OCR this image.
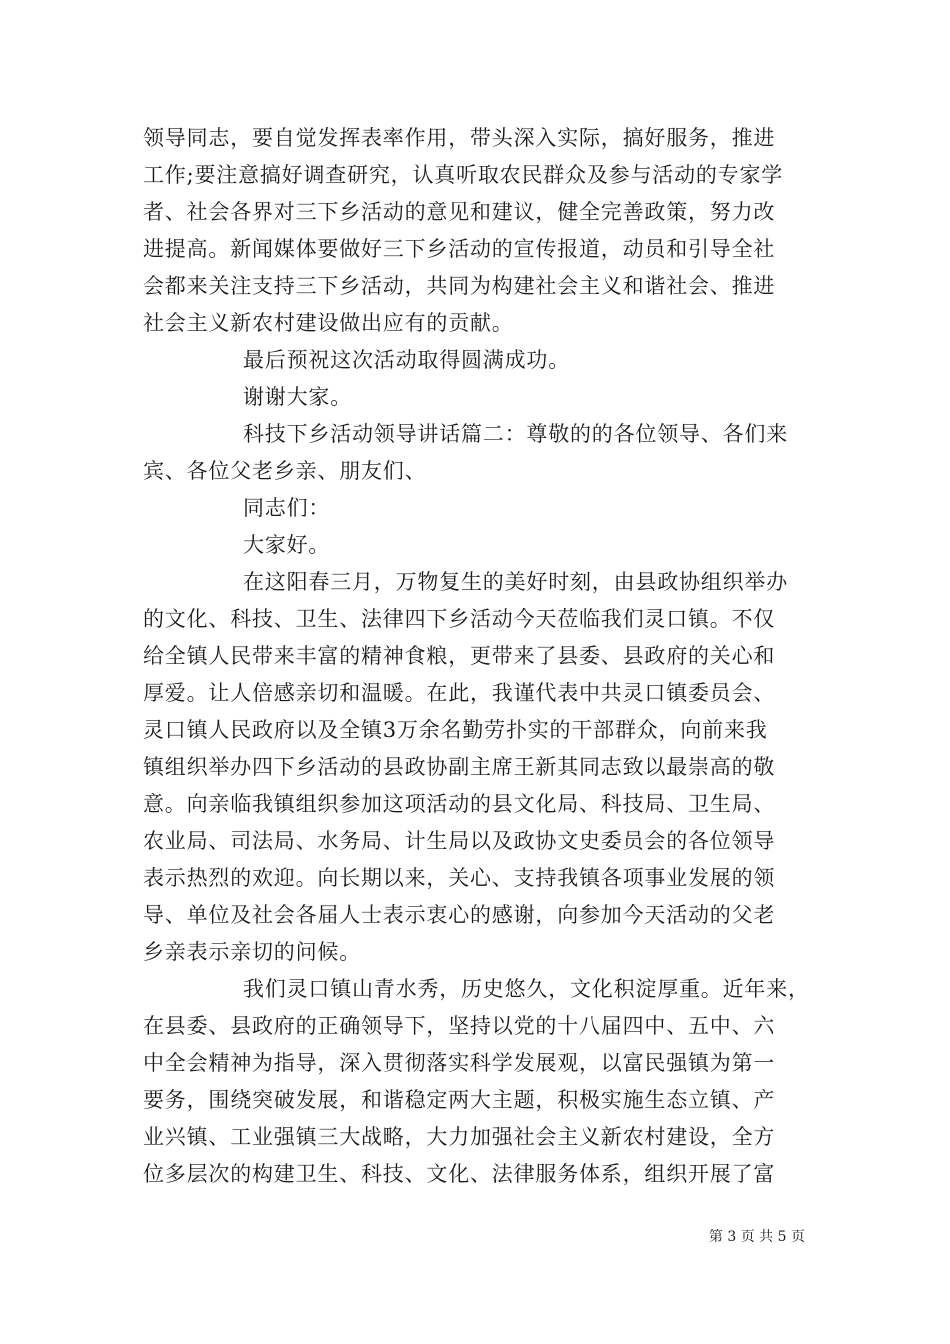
领导同志，要自觉发挥表率作用，带头深入实际，搞好服务，推进
工作;要注意搞好调查研究，认真听取农民群众及参与活动的专家学
者、社会各界对三下乡活动的意见和建议，健全完善政策，努力改
进提高。新闻媒体要做好三下乡活动的宣传报道，动员和引导全社
会都来关注支持三下乡活动，共同为构建社会主义和谐社会、推进
社会主义新农村建设做出应有的贡献。
最后预祝这次活动取得圆满成功。
谢谢大家。
科技下乡活动领导讲话篇二：尊敬的的各位领导、各们来
宾、各位父老乡亲、朋友们、
同志们：
大家好。
在这阳春三月，万物复生的美好时刻，由县政协组织举办
的文化、科技、卫生、法律四下乡活动今天莅临我们灵口镇。不仅
给全镇人民带来丰富的精神食粮，更带来了县委、县政府的关心和
厚爱。让人倍感亲切和温暖。在此，我谨代表中共灵口镇委员会、
灵口镇人民政府以及全镇3万余名勤劳扑实的干部群众，向前来我
镇组织举办四下乡活动的县政协副主席王新其同志致以最崇高的敬
意。向亲临我镇组织参加这项活动的县文化局、科技局、卫生局、
农业局、司法局、水务局、计生局以及政协文史委员会的各位领导
表示热烈的欢迎。向长期以来，关心、支持我镇各项事业发展的领
导、单位及社会各届人士表示衷心的感谢，向参加今天活动的父老
乡亲表示亲切的问候。
我们灵口镇山青水秀，历史悠久，文化积淀厚重。近年来，
在县委、县政府的正确领导下，坚持以党的十八届四中、五中、六
中全会精神为指导，深入贯彻落实科学发展观，以富民强镇为第一
要务，围绕突破发展，和谐稳定两大主题，积极实施生态立镇、产
业兴镇、工业强镇三大战略，大力加强社会主义新农村建设，全方
位多层次的构建卫生、科技、文化、法律服务体系，组织开展了富
第 3 页 共 5 页
